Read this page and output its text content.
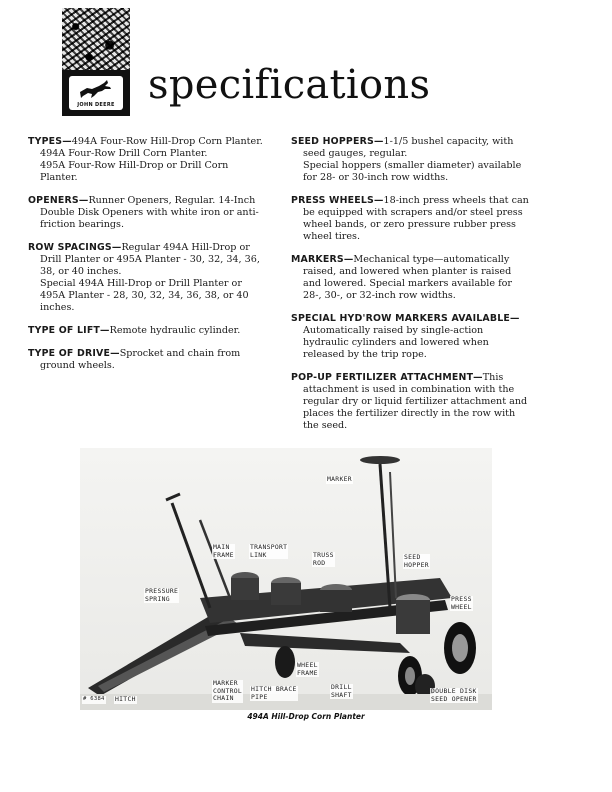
JOHN DEERE specifications
TYPES—494A Four-Row Hill-Drop Corn Planter.
494A Four-Row Drill Corn Planter.
495A Four-Row Hill-Drop or Drill Corn Planter.
OPENERS—Runner Openers, Regular. 14-Inch Double Disk Openers with white iron or anti-friction bearings.
ROW SPACINGS—Regular 494A Hill-Drop or Drill Planter or 495A Planter - 30, 32, 34, 36, 38, or 40 inches.
Special 494A Hill-Drop or Drill Planter or 495A Planter - 28, 30, 32, 34, 36, 38, or 40 inches.
TYPE OF LIFT—Remote hydraulic cylinder.
TYPE OF DRIVE—Sprocket and chain from ground wheels.
SEED HOPPERS—1-1/5 bushel capacity, with seed gauges, regular.
Special hoppers (smaller diameter) available for 28- or 30-inch row widths.
PRESS WHEELS—18-inch press wheels that can be equipped with scrapers and/or steel press wheel bands, or zero pressure rubber press wheel tires.
MARKERS—Mechanical type—automatically raised, and lowered when planter is raised and lowered. Special markers available for 28-, 30-, or 32-inch row widths.
SPECIAL HYD'ROW MARKERS AVAILABLE—Automatically raised by single-action hydraulic cylinders and lowered when released by the trip rope.
POP-UP FERTILIZER ATTACHMENT—This attachment is used in combination with the regular dry or liquid fertilizer attachment and places the fertilizer directly in the row with the seed.
MARKER
MAIN
FRAME
TRANSPORT
LINK	TRUSS
ROD
SEED
HOPPER
PRESSURE
SPRING	PRESS
WHEEL
WHEEL
FRAME
MARKER
CONTROL
CHAIN
HITCH BRACE
PIPE
DRILL
SHAFT	DOUBLE DISK
SEED OPENER
HITCH
# 6384
494A Hill-Drop Corn Planter
